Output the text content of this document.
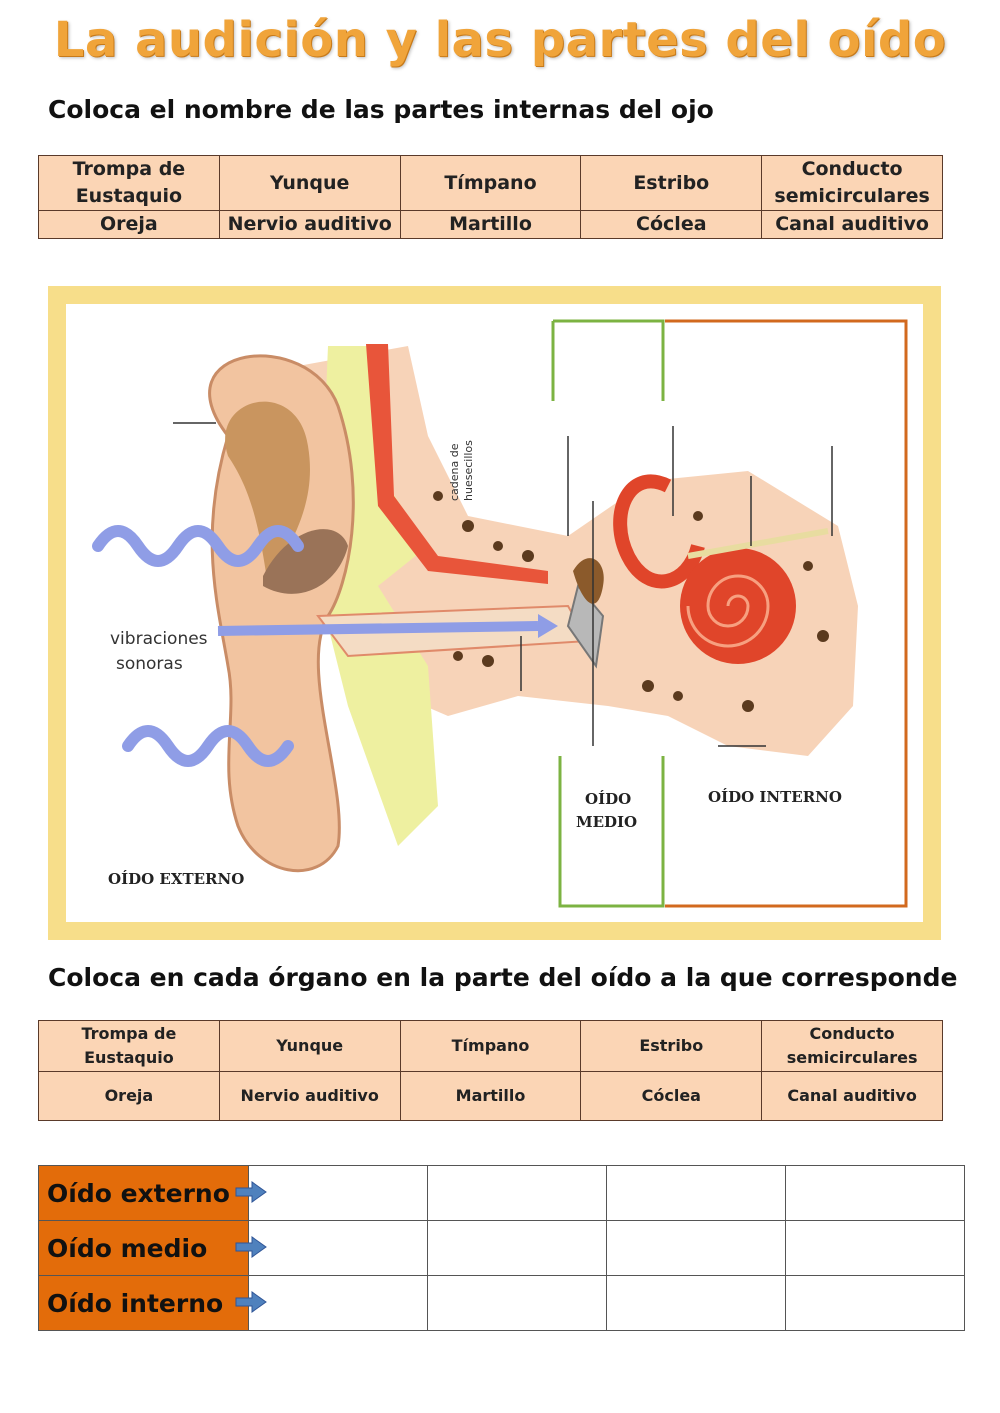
La audición y las partes del oído
Coloca el nombre de las partes internas del ojo
Trompa de Eustaquio	Yunque	Tímpano	Estribo	Conducto semicirculares
Oreja	Nervio auditivo	Martillo	Cóclea	Canal auditivo
vibraciones
sonoras
cadena de huesecillos
OÍDO
MEDIO
OÍDO INTERNO
OÍDO EXTERNO
Coloca en cada órgano en la parte del oído a la que corresponde
Trompa de Eustaquio	Yunque	Tímpano	Estribo	Conducto semicirculares
Oreja	Nervio auditivo	Martillo	Cóclea	Canal auditivo
Oído externo

Oído medio

Oído interno
